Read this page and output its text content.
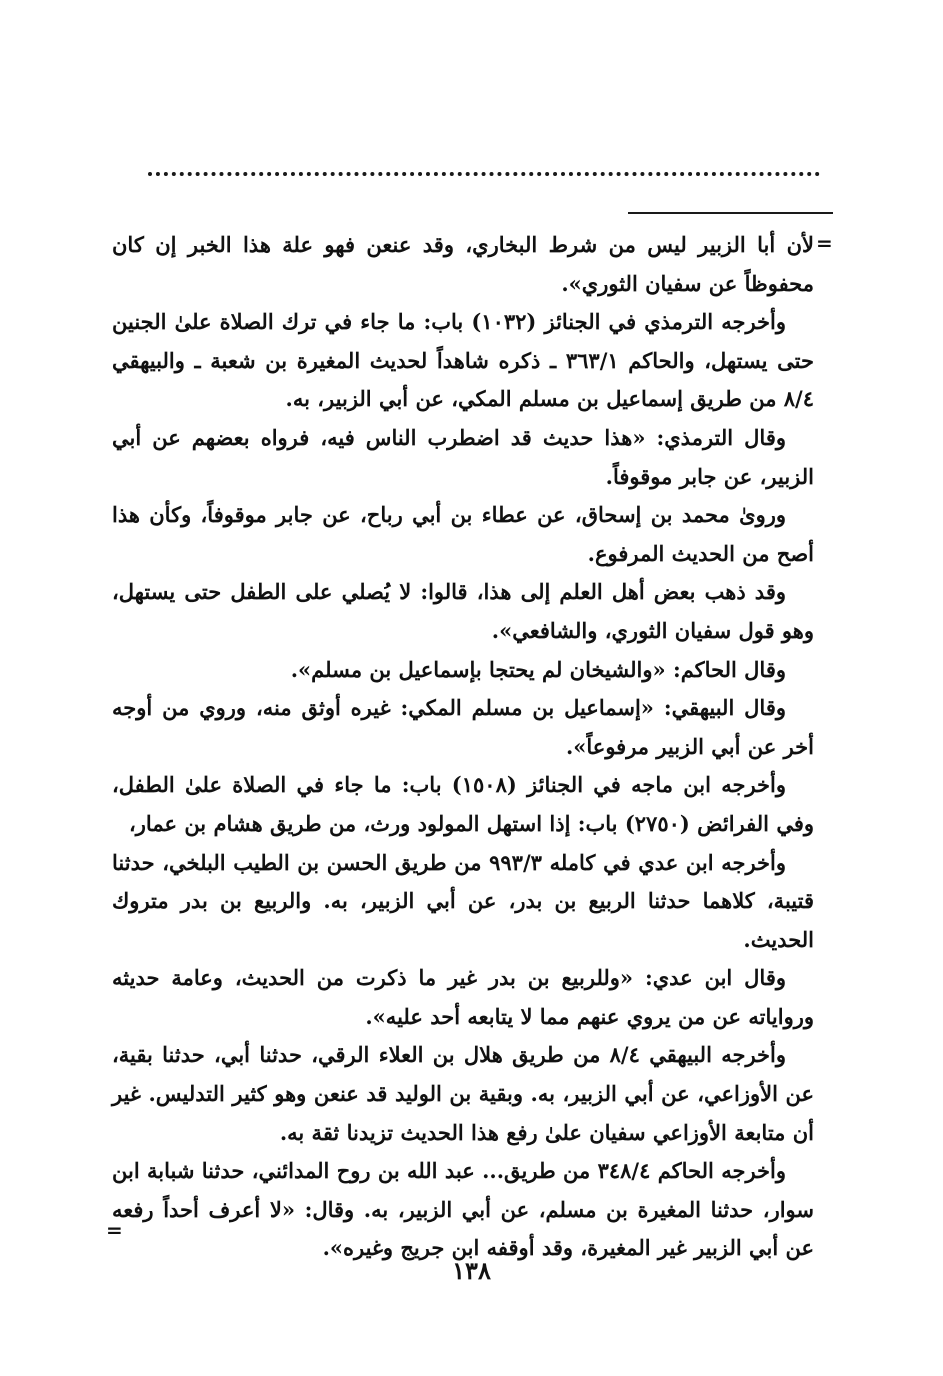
=

لأن أبا الزبير ليس من شرط البخاري، وقد عنعن فهو علة هذا الخبر إن كان محفوظاً عن سفيان الثوري».

وأخرجه الترمذي في الجنائز (١٠٣٢) باب: ما جاء في ترك الصلاة علىٰ الجنين حتى يستهل، والحاكم ٣٦٣/١ ـ ذكره شاهداً لحديث المغيرة بن شعبة ـ والبيهقي ٨/٤ من طريق إسماعيل بن مسلم المكي، عن أبي الزبير، به.

وقال الترمذي: «هذا حديث قد اضطرب الناس فيه، فرواه بعضهم عن أبي الزبير، عن جابر موقوفاً.

وروىٰ محمد بن إسحاق، عن عطاء بن أبي رباح، عن جابر موقوفاً، وكأن هذا أصح من الحديث المرفوع.

وقد ذهب بعض أهل العلم إلى هذا، قالوا: لا يُصلي على الطفل حتى يستهل، وهو قول سفيان الثوري، والشافعي».

وقال الحاكم: «والشيخان لم يحتجا بإسماعيل بن مسلم».

وقال البيهقي: «إسماعيل بن مسلم المكي: غيره أوثق منه، وروي من أوجه أخر عن أبي الزبير مرفوعاً».

وأخرجه ابن ماجه في الجنائز (١٥٠٨) باب: ما جاء في الصلاة علىٰ الطفل، وفي الفرائض (٢٧٥٠) باب: إذا استهل المولود ورث، من طريق هشام بن عمار،

وأخرجه ابن عدي في كامله ٩٩٣/٣ من طريق الحسن بن الطيب البلخي، حدثنا قتيبة، كلاهما حدثنا الربيع بن بدر، عن أبي الزبير، به. والربيع بن بدر متروك الحديث.

وقال ابن عدي: «وللربيع بن بدر غير ما ذكرت من الحديث، وعامة حديثه ورواياته عن من يروي عنهم مما لا يتابعه أحد عليه».

وأخرجه البيهقي ٨/٤ من طريق هلال بن العلاء الرقي، حدثنا أبي، حدثنا بقية، عن الأوزاعي، عن أبي الزبير، به. وبقية بن الوليد قد عنعن وهو كثير التدليس. غير أن متابعة الأوزاعي سفيان علىٰ رفع هذا الحديث تزيدنا ثقة به.

وأخرجه الحاكم ٣٤٨/٤ من طريق... عبد الله بن روح المدائني، حدثنا شبابة ابن سوار، حدثنا المغيرة بن مسلم، عن أبي الزبير، به. وقال: «لا أعرف أحداً رفعه عن أبي الزبير غير المغيرة، وقد أوقفه ابن جريج وغيره».

=
١٣٨
